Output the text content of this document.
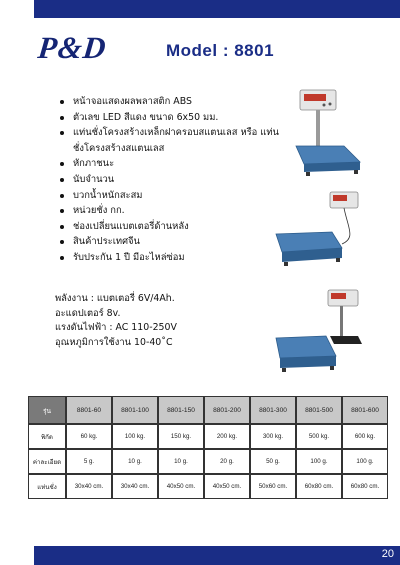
P&D	Model : 8801
หน้าจอแสดงผลพลาสติก ABS
ตัวเลข LED สีแดง ขนาด 6x50 มม.
แท่นชั่งโครงสร้างเหล็กฝาครอบสแตนเลส หรือ แท่นชั่งโครงสร้างสแตนเลส
หักภาชนะ
นับจำนวน
บวกน้ำหนักสะสม
หน่วยชั่ง กก.
ช่องเปลี่ยนแบตเตอรี่ด้านหลัง
สินค้าประเทศจีน
รับประกัน 1 ปี มีอะไหล่ซ่อม
พลังงาน : แบตเตอรี่ 6V/4Ah.
อะแดปเตอร์ 8v.
แรงดันไฟฟ้า : AC 110-250V
อุณหภูมิการใช้งาน 10-40˚C
รุ่น	8801-60	8801-100	8801-150	8801-200	8801-300	8801-500	8801-600
พิกัด	60 kg.	100 kg.	150 kg.	200 kg.	300 kg.	500 kg.	600 kg.
ค่าละเอียด	5 g.	10 g.	10 g.	20 g.	50 g.	100 g.	100 g.
แท่นชั่ง	30x40 cm.	30x40 cm.	40x50 cm.	40x50 cm.	50x60 cm.	60x80 cm.	60x80 cm.
20
